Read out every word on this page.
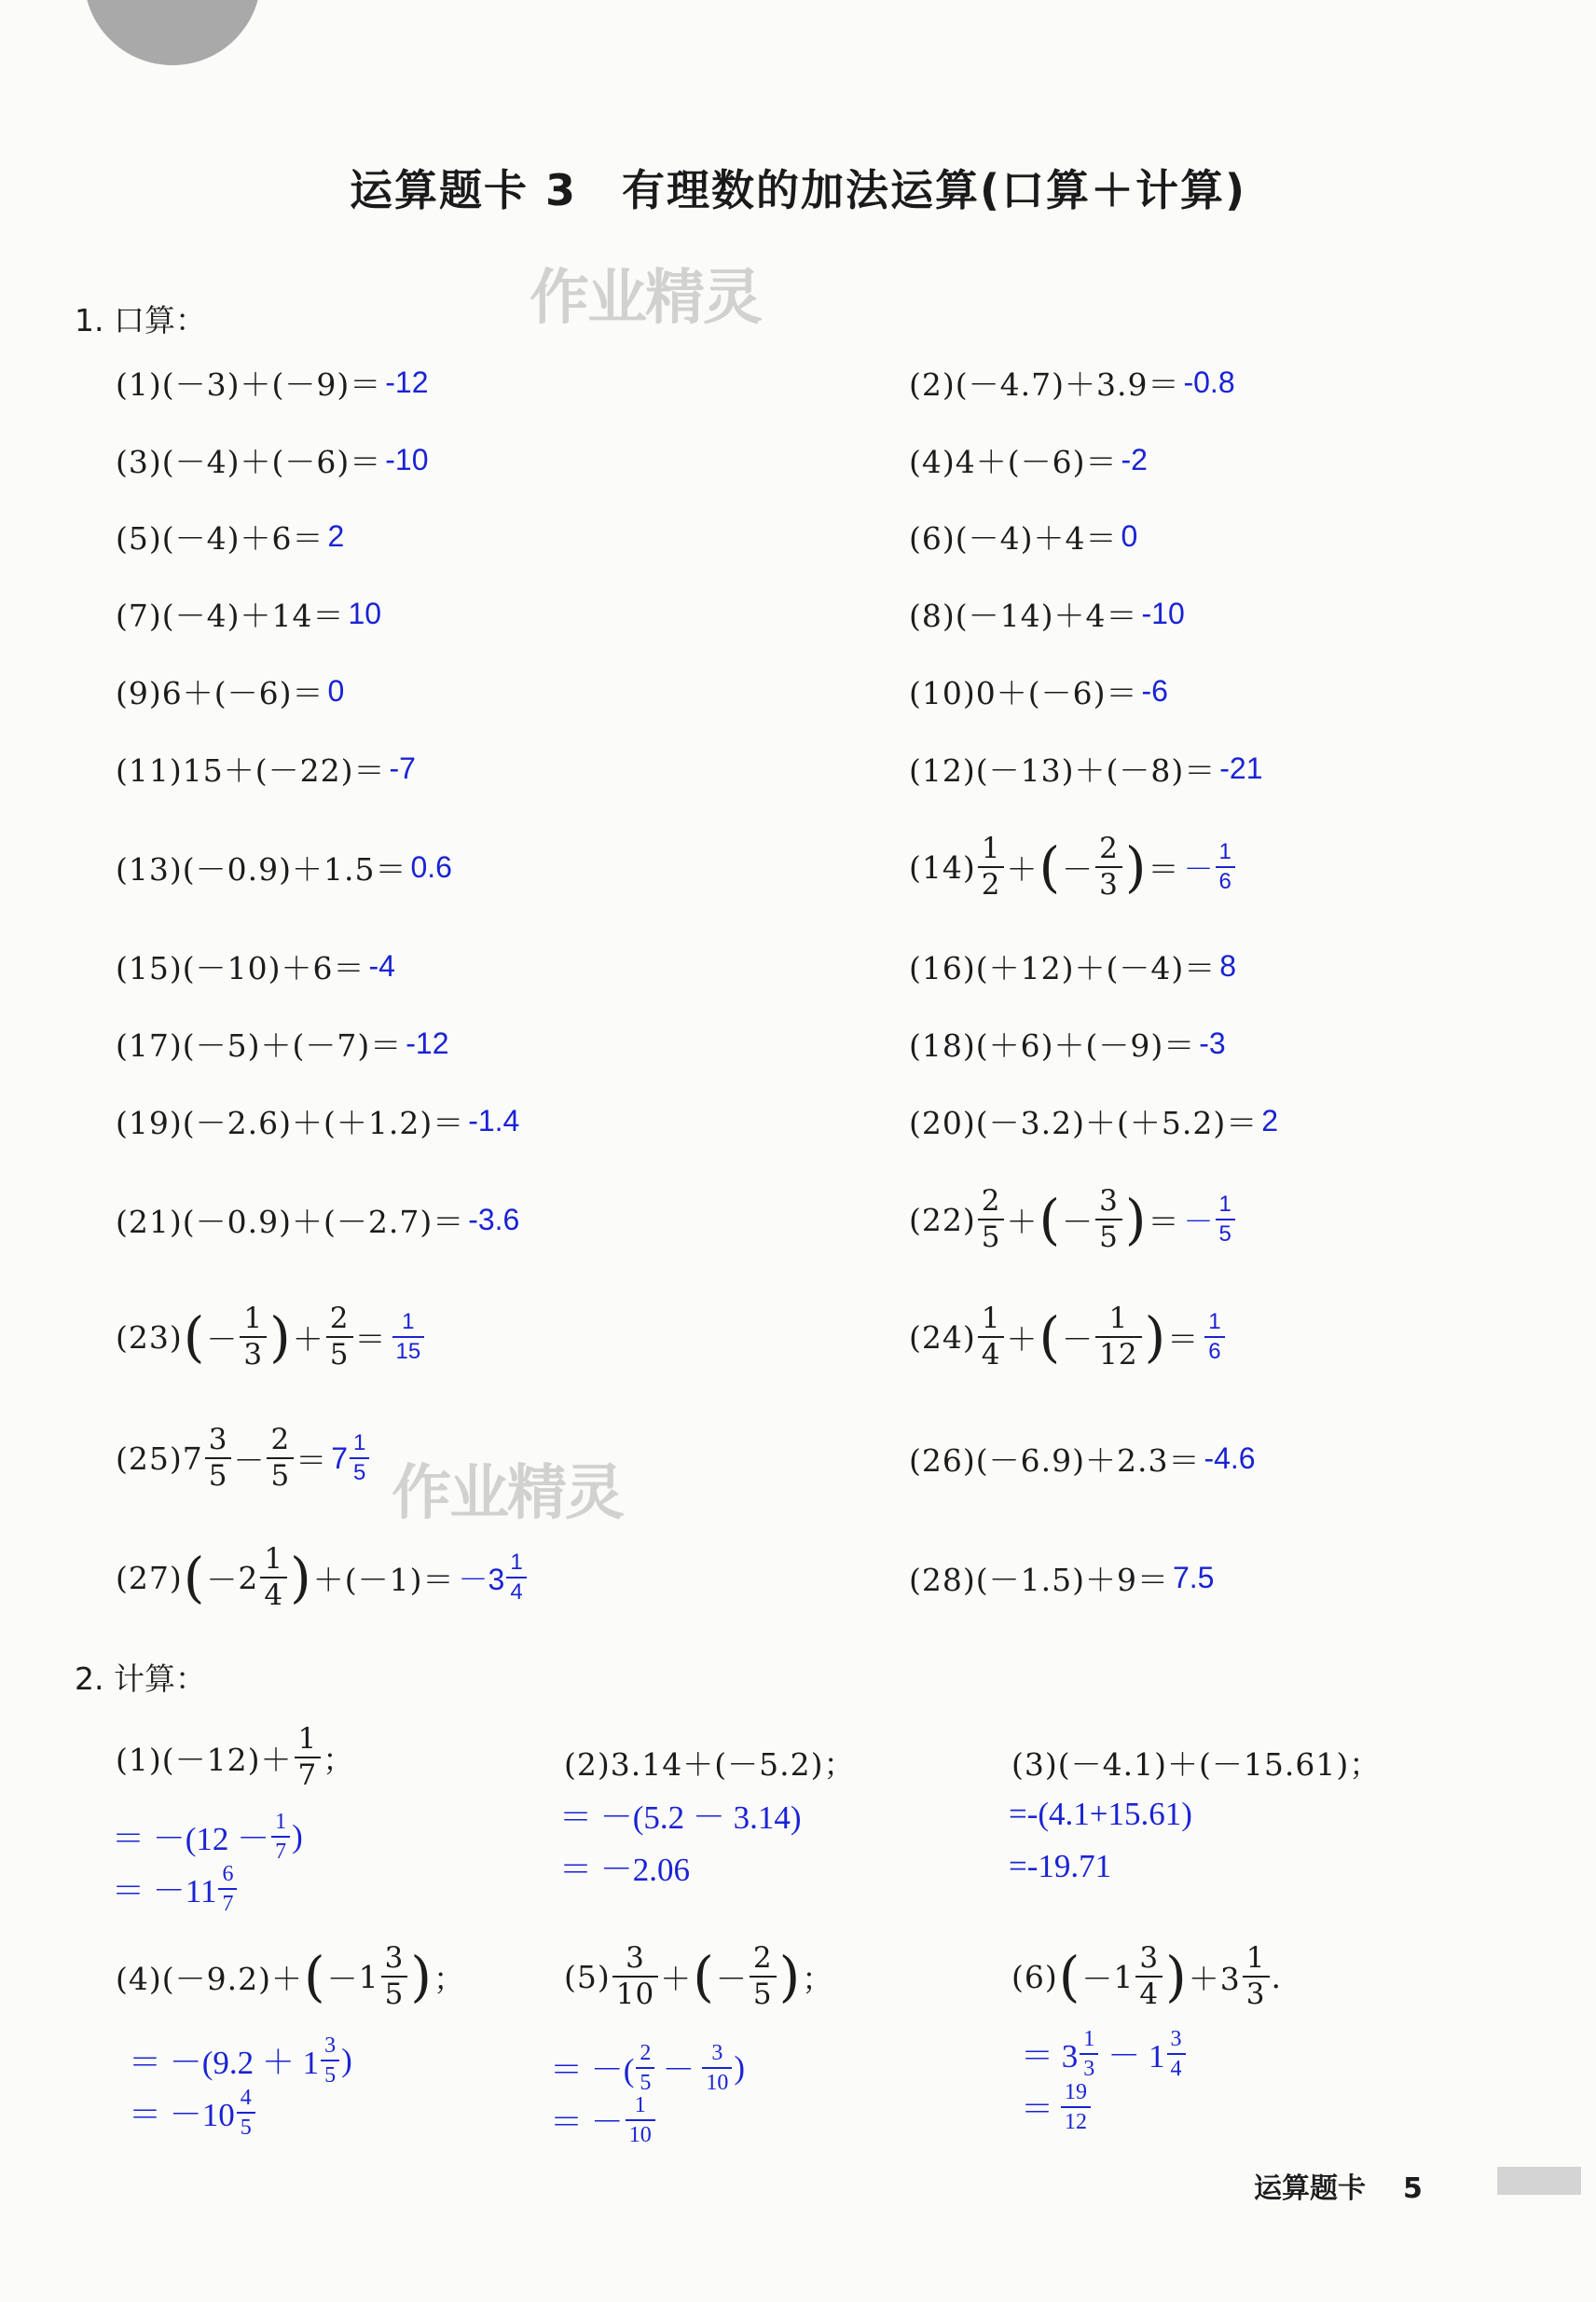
运算题卡 3　有理数的加法运算(口算＋计算)
作业精灵
作业精灵
1. 口算：
(1)(－3)＋(－9)＝ -12
(3)(－4)＋(－6)＝ -10
(5)(－4)＋6＝ 2
(7)(－4)＋14＝ 10
(9)6＋(－6)＝ 0
(11)15＋(－22)＝ -7
(13)(－0.9)＋1.5＝ 0.6
(15)(－10)＋6＝ -4
(17)(－5)＋(－7)＝ -12
(19)(－2.6)＋(＋1.2)＝ -1.4
(21)(－0.9)＋(－2.7)＝ -3.6
(23) ( － $\frac{1}{3}$ ) ＋ $\frac{2}{5} = \frac{1}{15}$
$(25)7 \frac{3}{5} - \frac{2}{5} = 7 \frac{1}{5}$
(27) ( － $2 \frac{1}{4}$ ) $+(-1)= -3 \frac{1}{4}$
(2)(－4.7)＋3.9＝ -0.8
(4)4＋(－6)＝ -2
(6)(－4)＋4＝ 0
(8)(－14)＋4＝ -10
(10)0＋(－6)＝ -6
(12)(－13)＋(－8)＝ -21
$(14) \frac{1}{2}$ ＋ ( － $\frac{2}{3}$ ) ＝ － $\frac{1}{6}$
(16)(＋12)＋(－4)＝ 8
(18)(＋6)＋(－9)＝ -3
(20)(－3.2)＋(＋5.2)＝ 2
$(22) \frac{2}{5}$ ＋ ( － $\frac{3}{5}$ ) ＝ － $\frac{1}{5}$
$(24) \frac{1}{4}$ ＋ ( － $\frac{1}{12}$ ) ＝ $\frac{1}{6}$
(26)(－6.9)＋2.3＝ -4.6
(28)(－1.5)＋9＝ 7.5
2. 计算：
$(1)(-12)+ \frac{1}{7}$ ；
＝ $-(12 - \frac{1}{7}$ )
＝ $-11 \frac{6}{7}$
(2)3.14＋(－5.2)；
＝ －(5.2 － 3.14)
＝ －2.06
(3)(－4.1)＋(－15.61)；
=-(4.1+15.61)
=-19.71
(4)(－9.2)＋ ( － $1 \frac{3}{5}$ ) ；
＝ $-(9.2 + 1 \frac{3}{5}$ )
＝ $-10 \frac{4}{5}$
$(5) \frac{3}{10}$ ＋ ( － $\frac{2}{5}$ ) ；
＝ －( $\frac{2}{5} - \frac{3}{10}$ )
＝ － $\frac{1}{10}$
(6) ( － $1 \frac{3}{4}$ ) $+3 \frac{1}{3}$ .
＝ $3 \frac{1}{3} - 1 \frac{3}{4}$
＝ $\frac{19}{12}$
运算题卡 5
